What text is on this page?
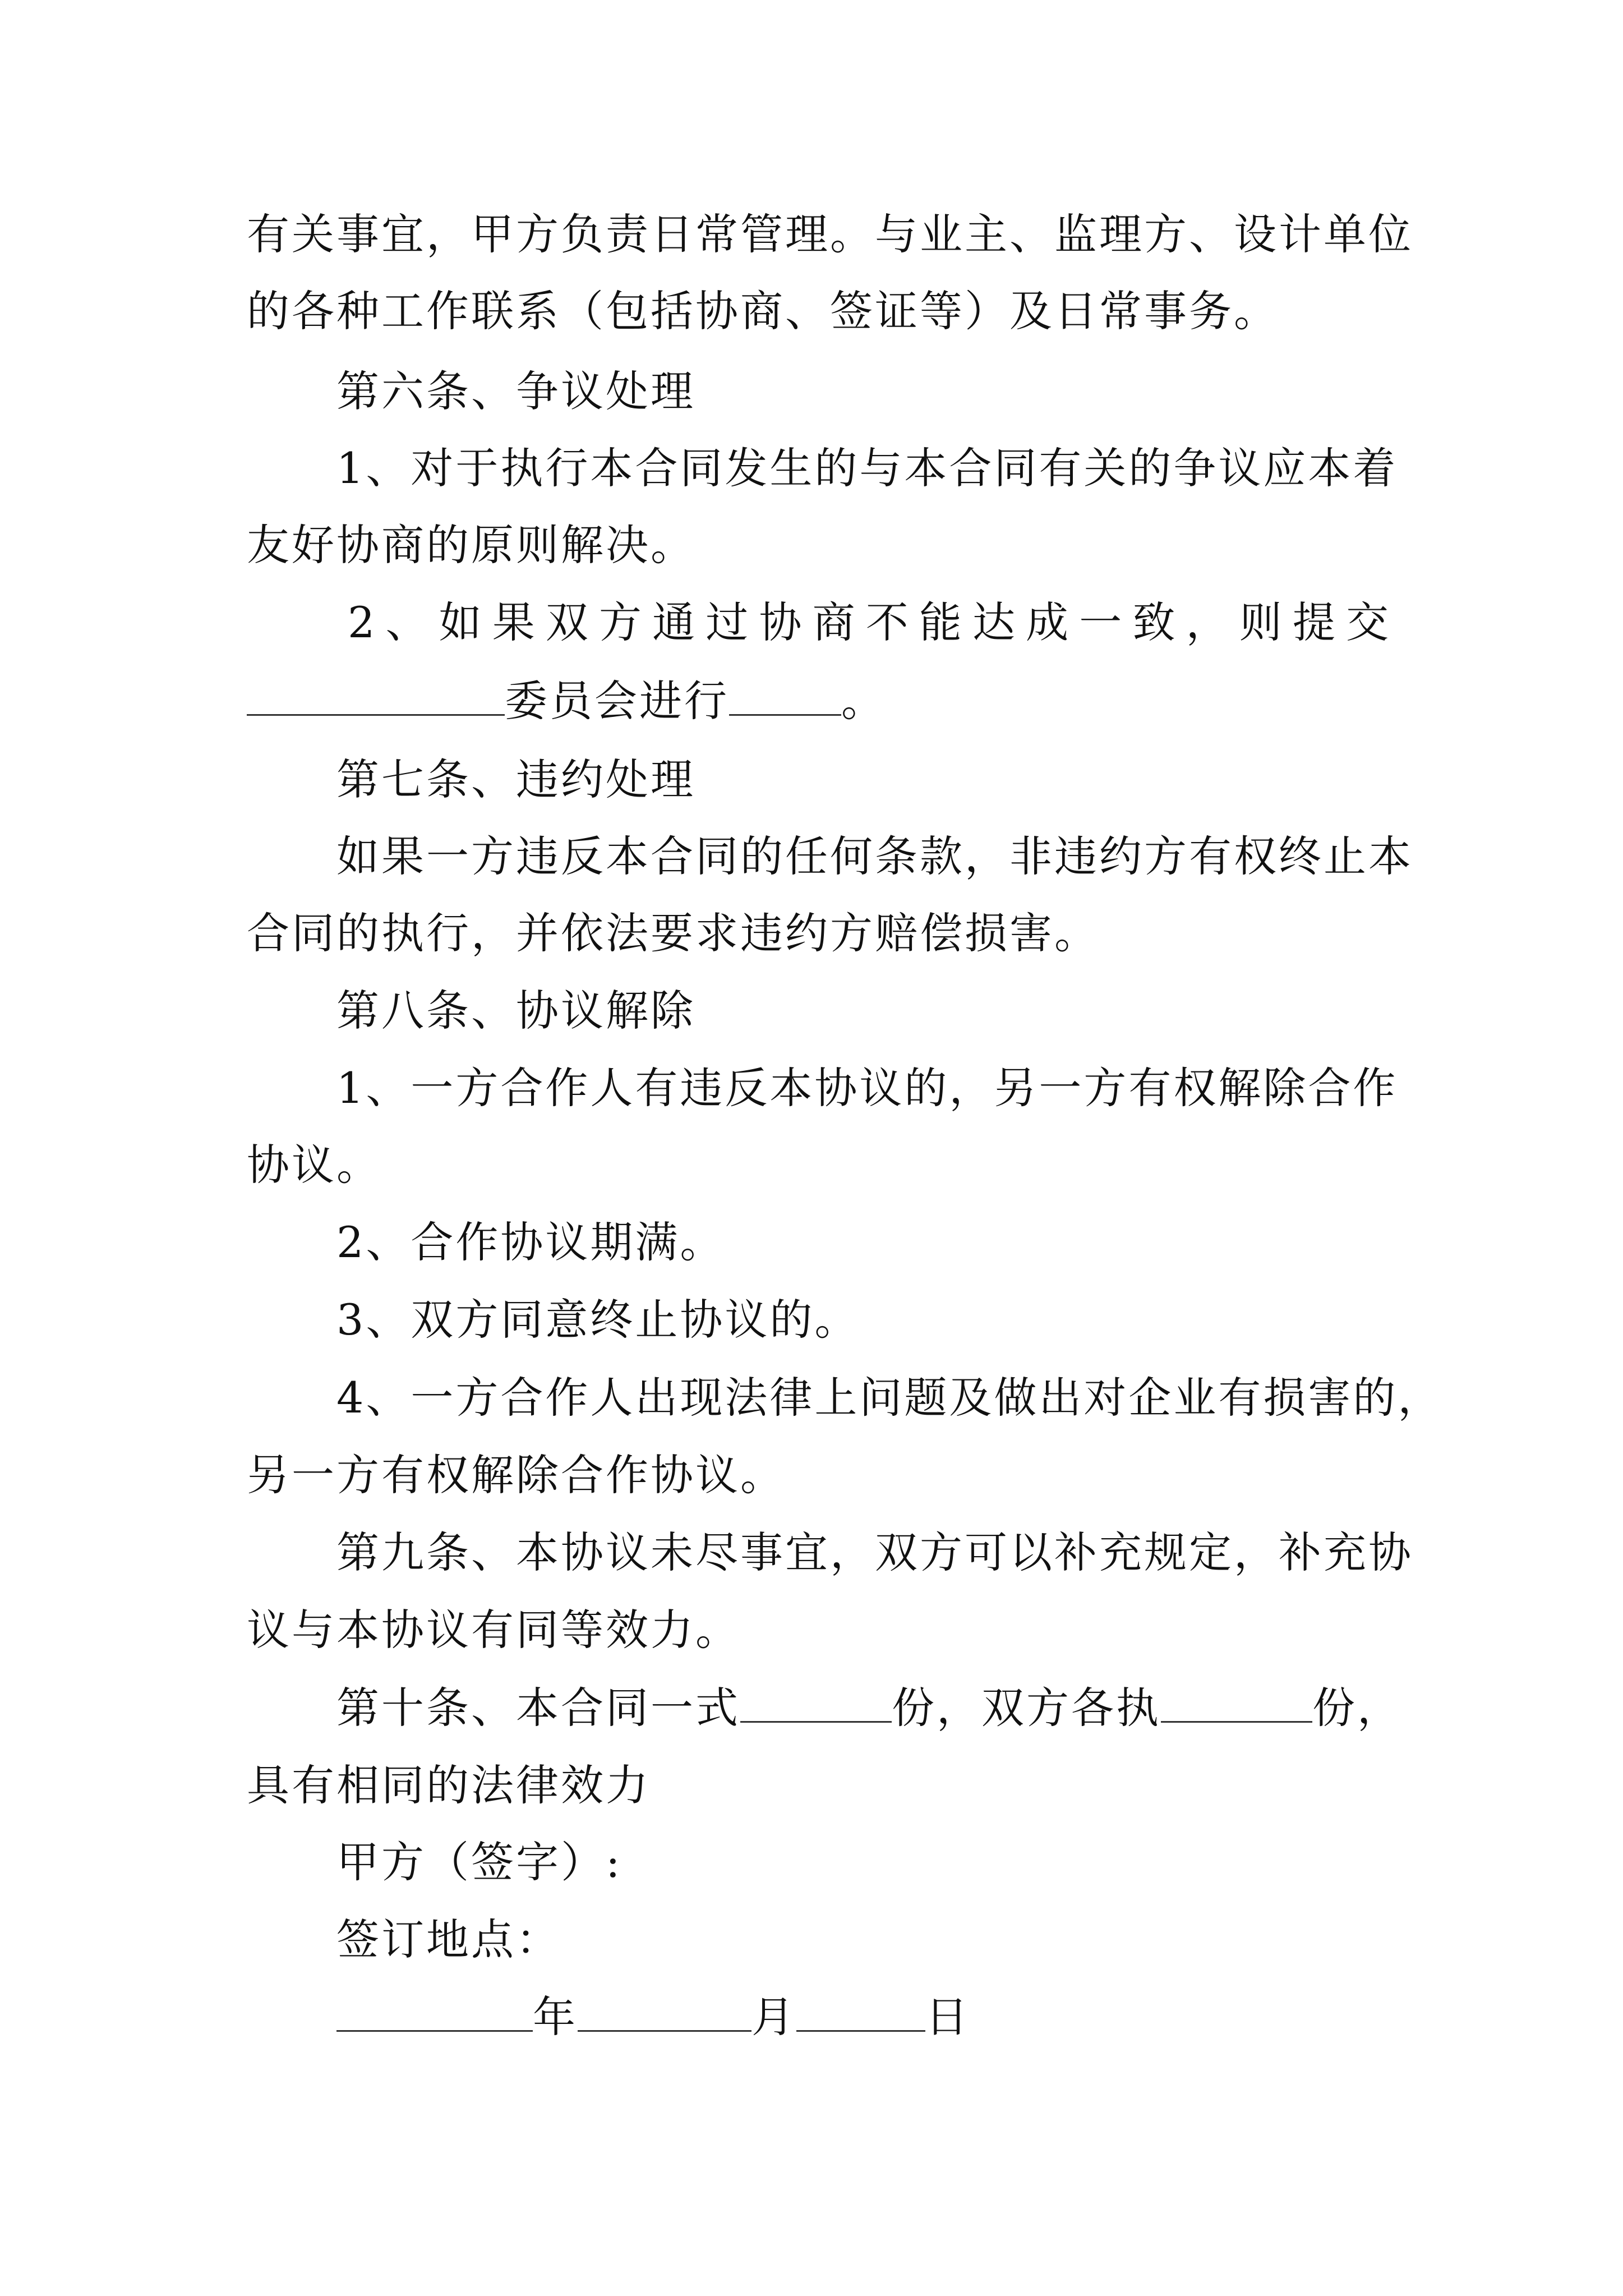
有关事宜，甲方负责日常管理。与业主、监理方、设计单位
的各种工作联系（包括协商、签证等）及日常事务。
第六条、争议处理
1、对于执行本合同发生的与本合同有关的争议应本着
友好协商的原则解决。
2、如果双方通过协商不能达成一致，则提交
委员会进行	。
第七条、违约处理
如果一方违反本合同的任何条款，非违约方有权终止本
合同的执行，并依法要求违约方赔偿损害。
第八条、协议解除
1、一方合作人有违反本协议的，另一方有权解除合作
协议。
2、合作协议期满。
3、双方同意终止协议的。
4、一方合作人出现法律上问题及做出对企业有损害的，
另一方有权解除合作协议。
第九条、本协议未尽事宜，双方可以补充规定，补充协
议与本协议有同等效力。
第十条、本合同一式	份，双方各执	份，
具有相同的法律效力
甲方（签字）:
签订地点：
年	月	日
